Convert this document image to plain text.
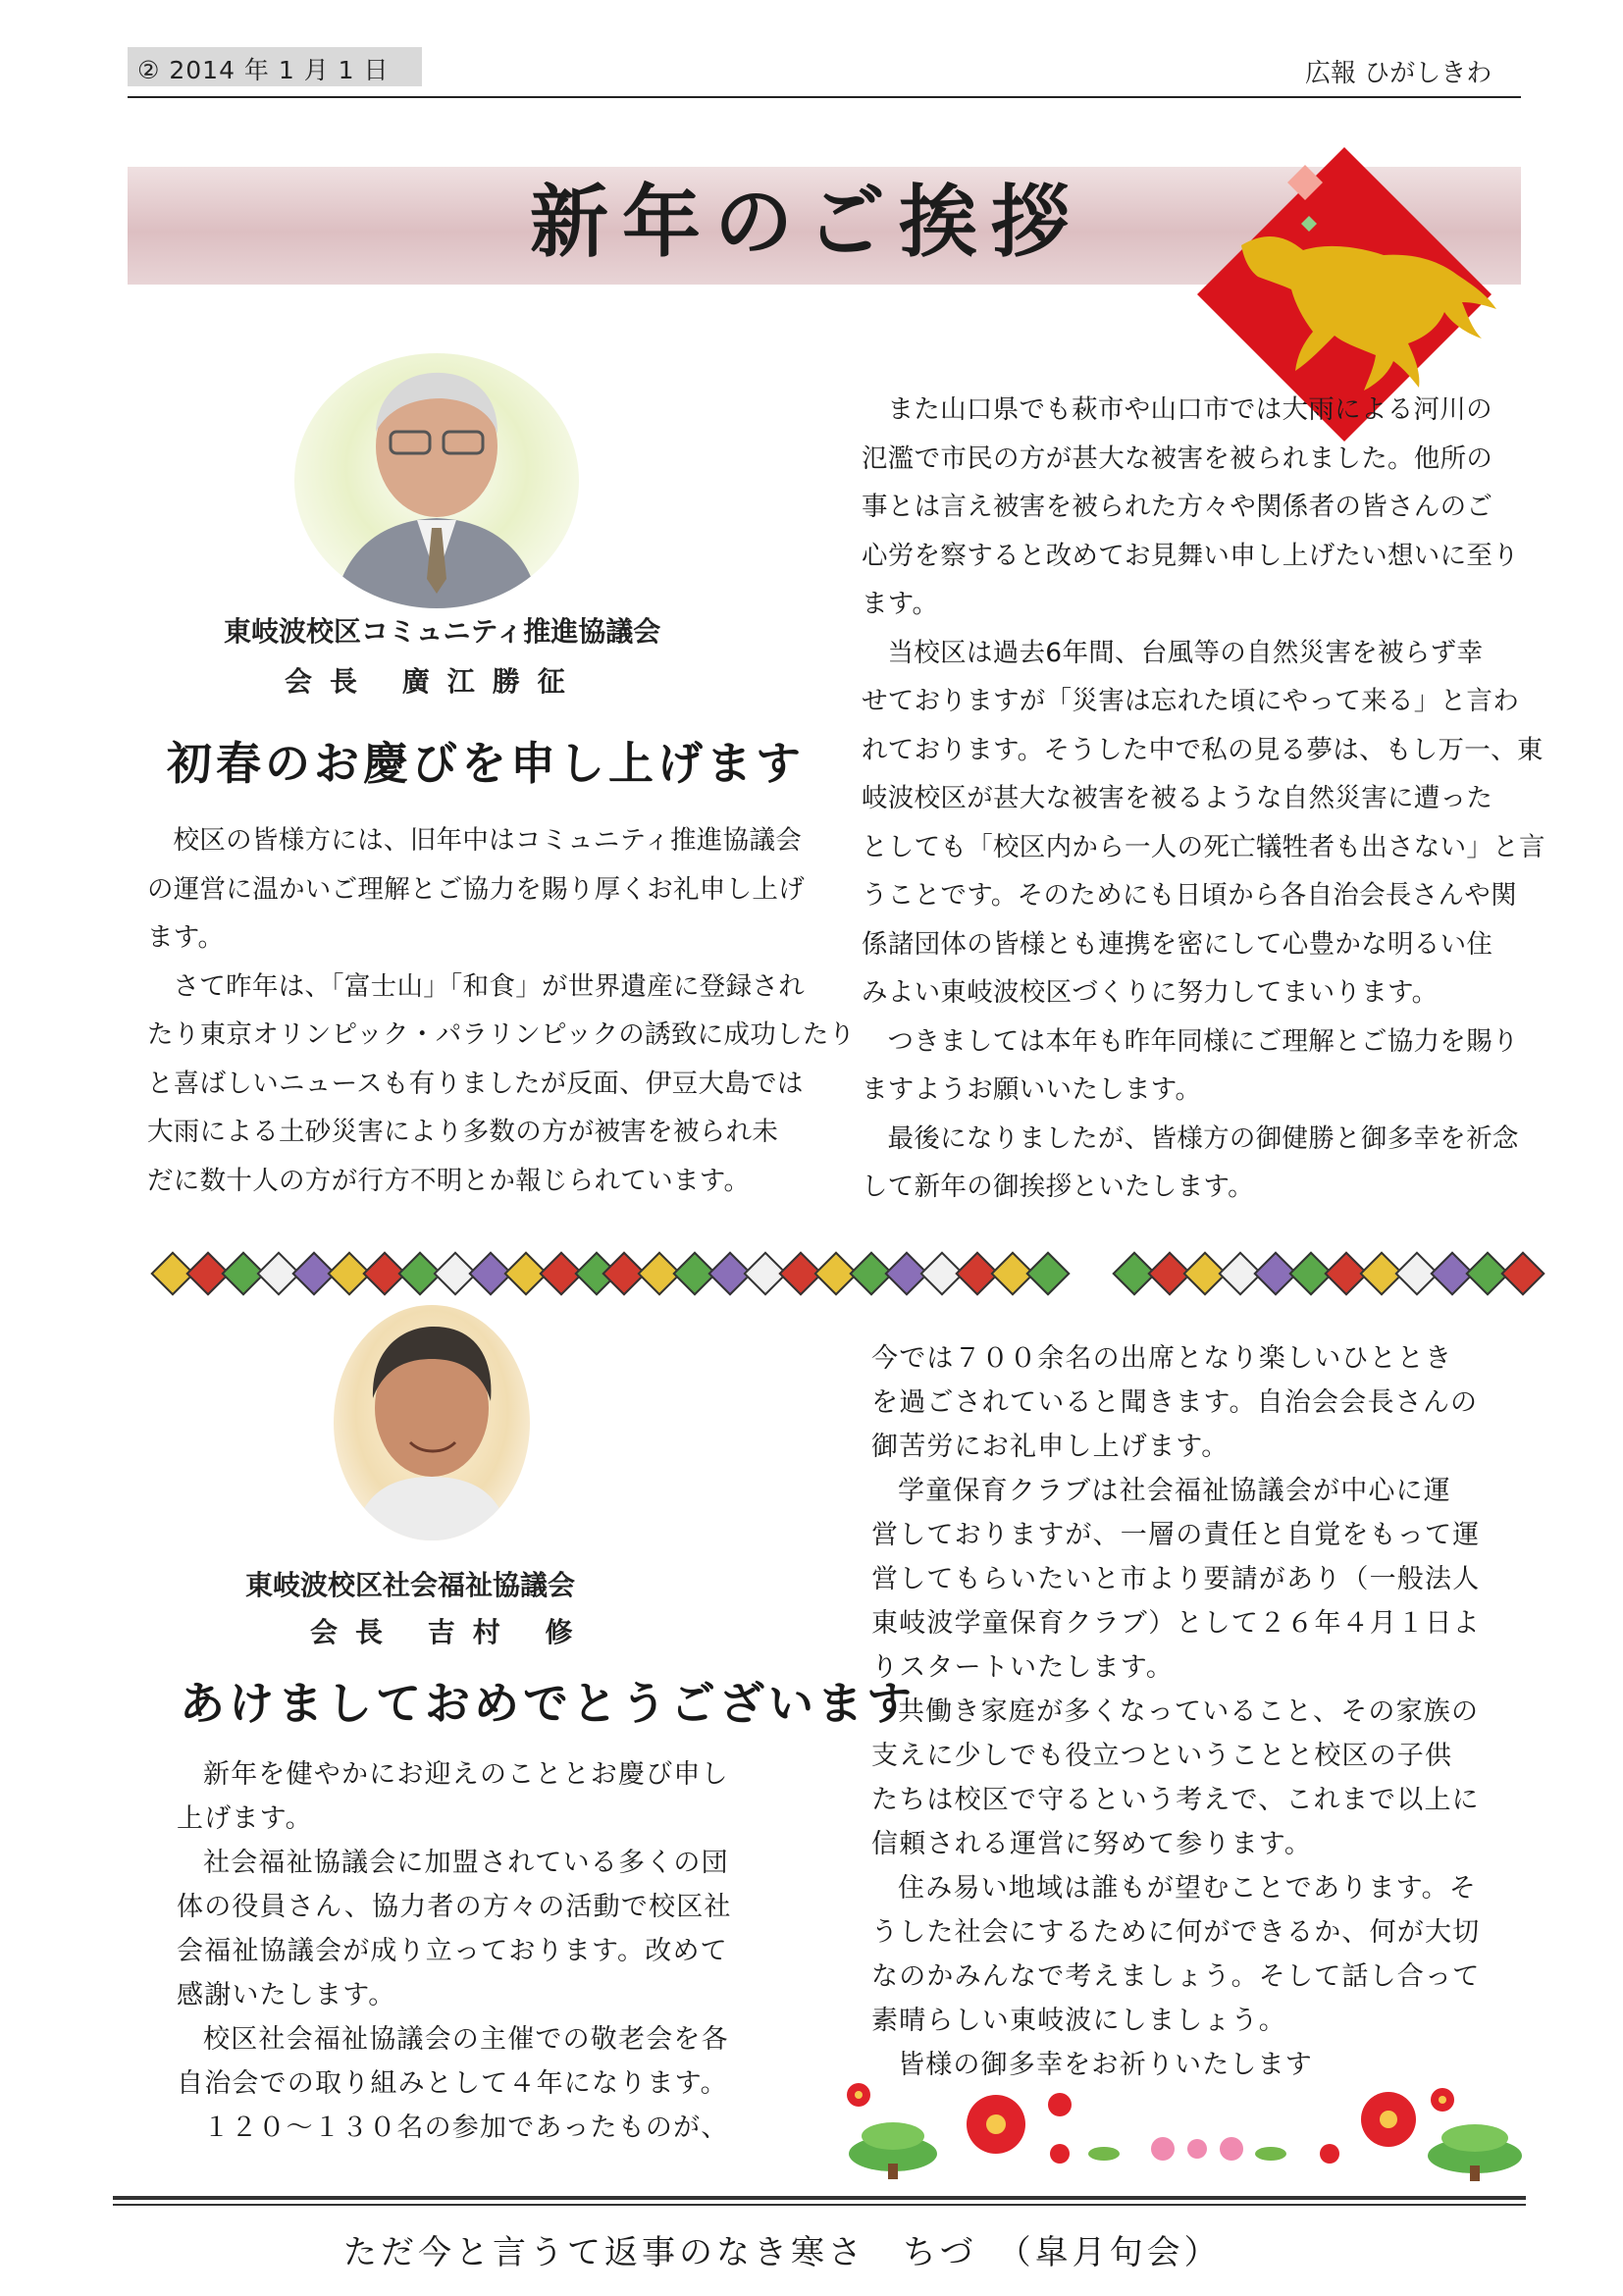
② 2014 年 1 月 1 日	広報 ひがしきわ
新年のご挨拶
東岐波校区コミュニティ推進協議会
会長 廣江勝征
初春のお慶びを申し上げます

校区の皆様方には、旧年中はコミュニティ推進協議会

の運営に温かいご理解とご協力を賜り厚くお礼申し上げ

ます。

さて昨年は、「富士山」「和食」が世界遺産に登録され

たり東京オリンピック・パラリンピックの誘致に成功したり

と喜ばしいニュースも有りましたが反面、伊豆大島では

大雨による土砂災害により多数の方が被害を被られ未

だに数十人の方が行方不明とか報じられています。

また山口県でも萩市や山口市では大雨による河川の

氾濫で市民の方が甚大な被害を被られました。他所の

事とは言え被害を被られた方々や関係者の皆さんのご

心労を察すると改めてお見舞い申し上げたい想いに至り

ます。

当校区は過去6年間、台風等の自然災害を被らず幸

せておりますが「災害は忘れた頃にやって来る」と言わ

れております。そうした中で私の見る夢は、もし万一、東

岐波校区が甚大な被害を被るような自然災害に遭った

としても「校区内から一人の死亡犠牲者も出さない」と言

うことです。そのためにも日頃から各自治会長さんや関

係諸団体の皆様とも連携を密にして心豊かな明るい住

みよい東岐波校区づくりに努力してまいります。

つきましては本年も昨年同様にご理解とご協力を賜り

ますようお願いいたします。

最後になりましたが、皆様方の御健勝と御多幸を祈念

して新年の御挨拶といたします。

東岐波校区社会福祉協議会
会長 吉村 修
あけましておめでとうございます

新年を健やかにお迎えのこととお慶び申し

上げます。

社会福祉協議会に加盟されている多くの団

体の役員さん、協力者の方々の活動で校区社

会福祉協議会が成り立っております。改めて

感謝いたします。

校区社会福祉協議会の主催での敬老会を各

自治会での取り組みとして４年になります。

１２０～１３０名の参加であったものが、

今では７００余名の出席となり楽しいひととき

を過ごされていると聞きます。自治会会長さんの

御苦労にお礼申し上げます。

学童保育クラブは社会福祉協議会が中心に運

営しておりますが、一層の責任と自覚をもって運

営してもらいたいと市より要請があり（一般法人

東岐波学童保育クラブ）として２６年４月１日よ

りスタートいたします。

共働き家庭が多くなっていること、その家族の

支えに少しでも役立つということと校区の子供

たちは校区で守るという考えで、これまで以上に

信頼される運営に努めて参ります。

住み易い地域は誰もが望むことであります。そ

うした社会にするために何ができるか、何が大切

なのかみんなで考えましょう。そして話し合って

素晴らしい東岐波にしましょう。

皆様の御多幸をお祈りいたします

ただ今と言うて返事のなき寒さ　ちづ　（皐月句会）
